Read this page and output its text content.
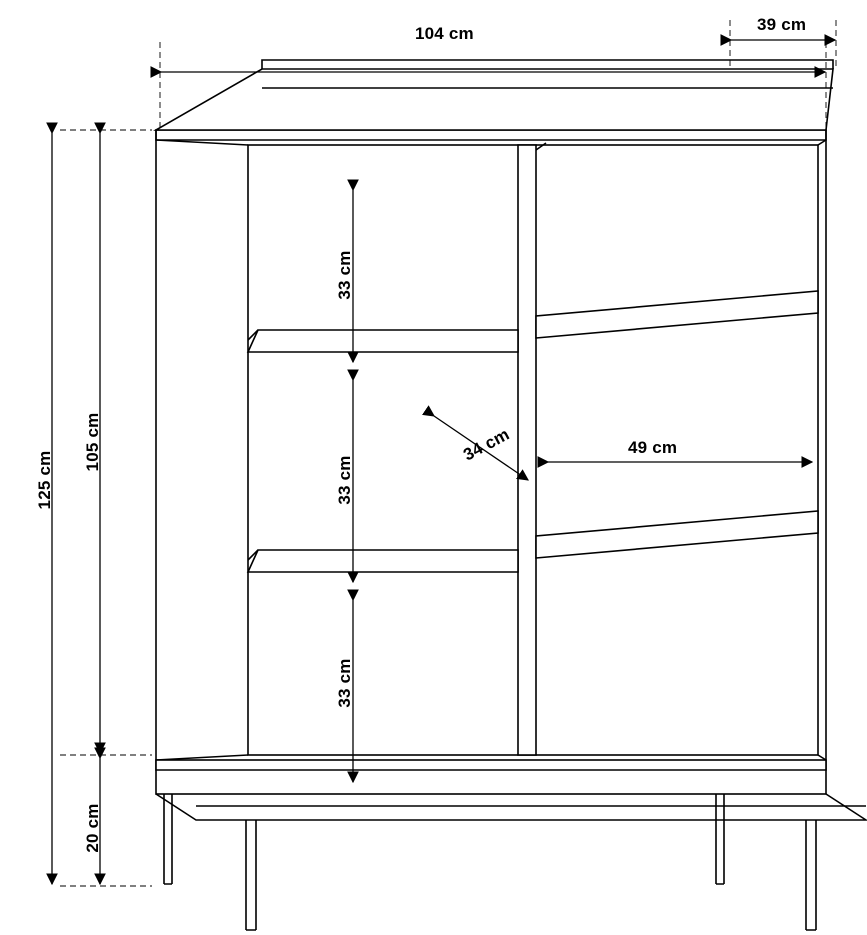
104 cm	39 cm
125 cm
105 cm
20 cm
33 cm
33 cm
33 cm
34 cm	49 cm
